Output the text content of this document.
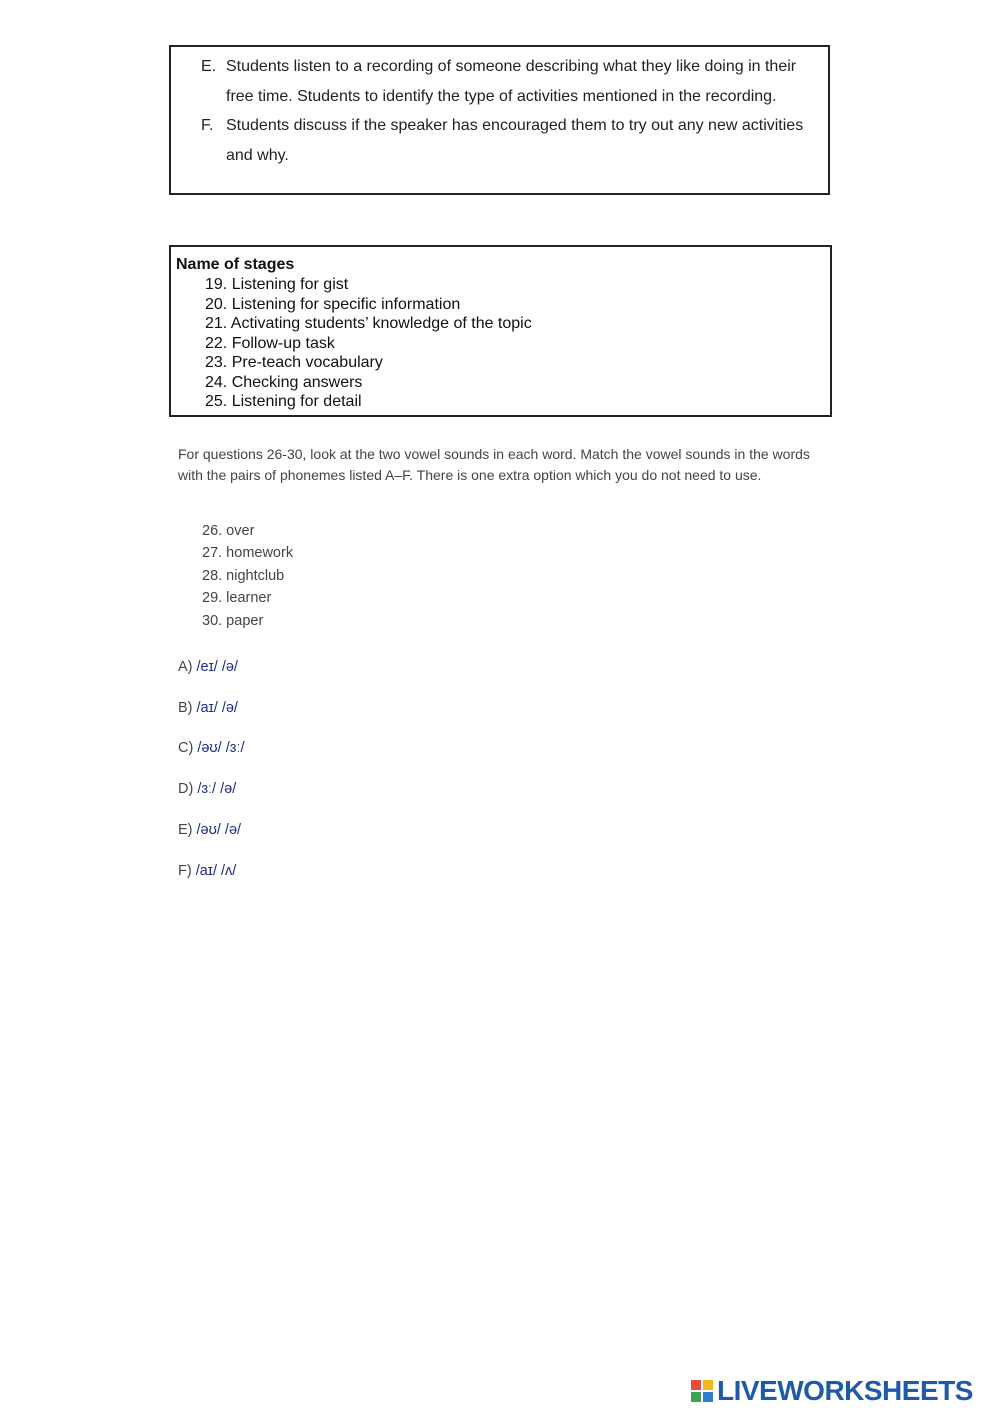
E. Students listen to a recording of someone describing what they like doing in their
free time. Students to identify the type of activities mentioned in the recording.
F. Students discuss if the speaker has encouraged them to try out any new activities
and why.
Name of stages
19. Listening for gist
20. Listening for specific information
21. Activating students’ knowledge of the topic
22. Follow-up task
23. Pre-teach vocabulary
24. Checking answers
25. Listening for detail
For questions 26-30, look at the two vowel sounds in each word. Match the vowel sounds in the words with the pairs of phonemes listed A–F. There is one extra option which you do not need to use.
26. over
27. homework
28. nightclub
29. learner
30. paper
A) /eɪ/ /ə/
B) /aɪ/ /ə/
C) /əʊ/ /ɜː/
D) /ɜː/ /ə/
E) /əʊ/ /ə/
F) /aɪ/ /ʌ/
LIVEWORKSHEETS
